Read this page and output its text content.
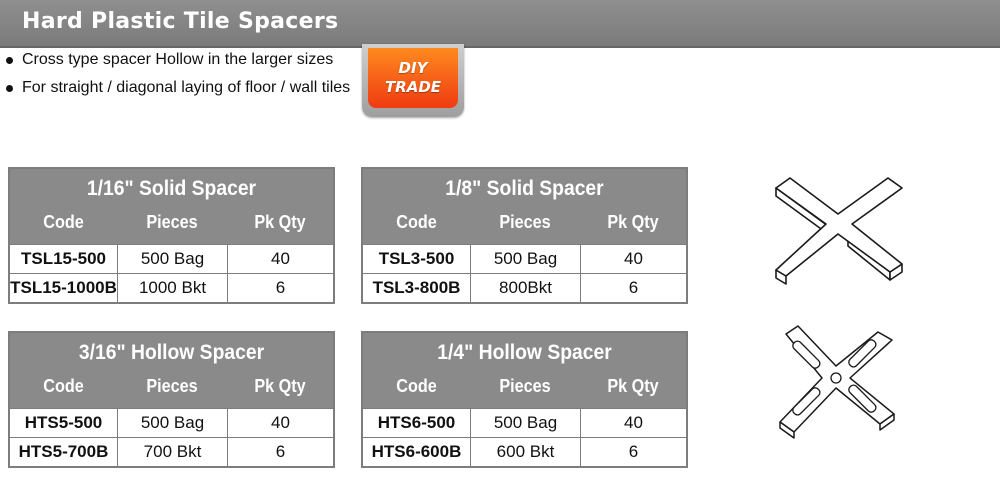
Hard Plastic Tile Spacers
Cross type spacer Hollow in the larger sizes
For straight / diagonal laying of floor / wall tiles
DIY
TRADE
1/16" Solid Spacer
Code	Pieces	Pk Qty
TSL15-500	500 Bag	40
TSL15-1000B	1000 Bkt	6
1/8" Solid Spacer
Code	Pieces	Pk Qty
TSL3-500	500 Bag	40
TSL3-800B	800Bkt	6
3/16" Hollow Spacer
Code	Pieces	Pk Qty
HTS5-500	500 Bag	40
HTS5-700B	700 Bkt	6
1/4" Hollow Spacer
Code	Pieces	Pk Qty
HTS6-500	500 Bag	40
HTS6-600B	600 Bkt	6
